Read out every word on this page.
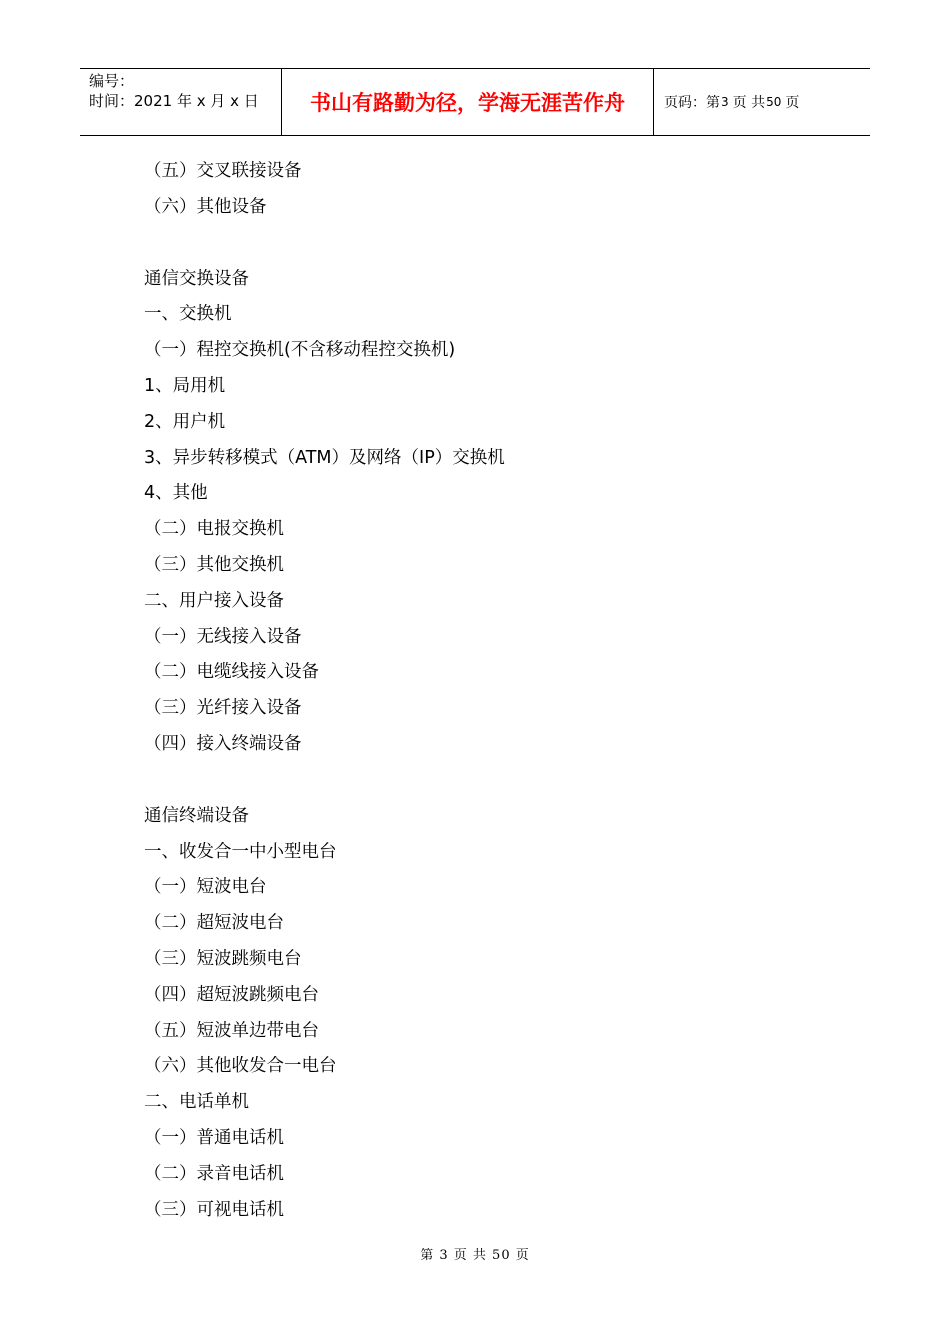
编号：
时间：2021 年 x 月 x 日	书山有路勤为径，学海无涯苦作舟	页码：第 3 页 共 50 页
（五）交叉联接设备
（六）其他设备
通信交换设备
一、交换机
（一）程控交换机(不含移动程控交换机)
1、局用机
2、用户机
3、异步转移模式（ATM）及网络（IP）交换机
4、其他
（二）电报交换机
（三）其他交换机
二、用户接入设备
（一）无线接入设备
（二）电缆线接入设备
（三）光纤接入设备
（四）接入终端设备
通信终端设备
一、收发合一中小型电台
（一）短波电台
（二）超短波电台
（三）短波跳频电台
（四）超短波跳频电台
（五）短波单边带电台
（六）其他收发合一电台
二、电话单机
（一）普通电话机
（二）录音电话机
（三）可视电话机
第 3 页 共 50 页
